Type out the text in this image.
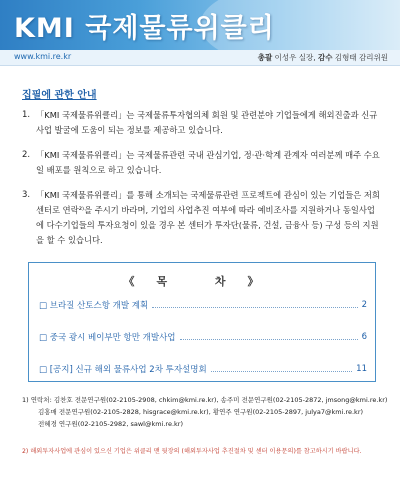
KMI 국제물류위클리
www.kmi.re.kr	총괄 이성우 실장, 감수 김형태 감리위원
집필에 관한 안내
1. 「KMI 국제물류위클리」는 국제물류투자협의체 회원 및 관련분야 기업들에게 해외진출과 신규사업 발굴에 도움이 되는 정보를 제공하고 있습니다.
2. 「KMI 국제물류위클리」는 국제물류관련 국내 관심기업, 정·관·학계 관계자 여러분께 매주 수요일 배포를 원칙으로 하고 있습니다.
3. 「KMI 국제물류위클리」를 통해 소개되는 국제물류관련 프로젝트에 관심이 있는 기업들은 저희 센터로 연락²⁾을 주시기 바라며, 기업의 사업추진 여부에 따라 예비조사를 지원하거나 동일사업에 다수기업들의 투자요청이 있을 경우 본 센터가 투자단(물류, 건설, 금융사 등) 구성 등의 지원을 할 수 있습니다.
《목 차》
□ 브라질 산토스항 개발 계획	2
□ 중국 광시 베이부만 항만 개발사업	6
□ [공지] 신규 해외 물류사업 2차 투자설명회	11
1) 연락처: 김찬호 전문연구원(02-2105-2908, chkim@kmi.re.kr), 송주미 전문연구원(02-2105-2872, jmsong@kmi.re.kr)
김홍매 전문연구원(02-2105-2828, hisgrace@kmi.re.kr), 황연주 연구원(02-2105-2897, julya7@kmi.re.kr)
전혜경 연구원(02-2105-2982, sawl@kmi.re.kr)
2) 해외투자사업에 관심이 있으신 기업은 위클리 맨 뒷장의 (해외투자사업 추진절차 및 센터 이용문의)를 참고하시기 바랍니다.
